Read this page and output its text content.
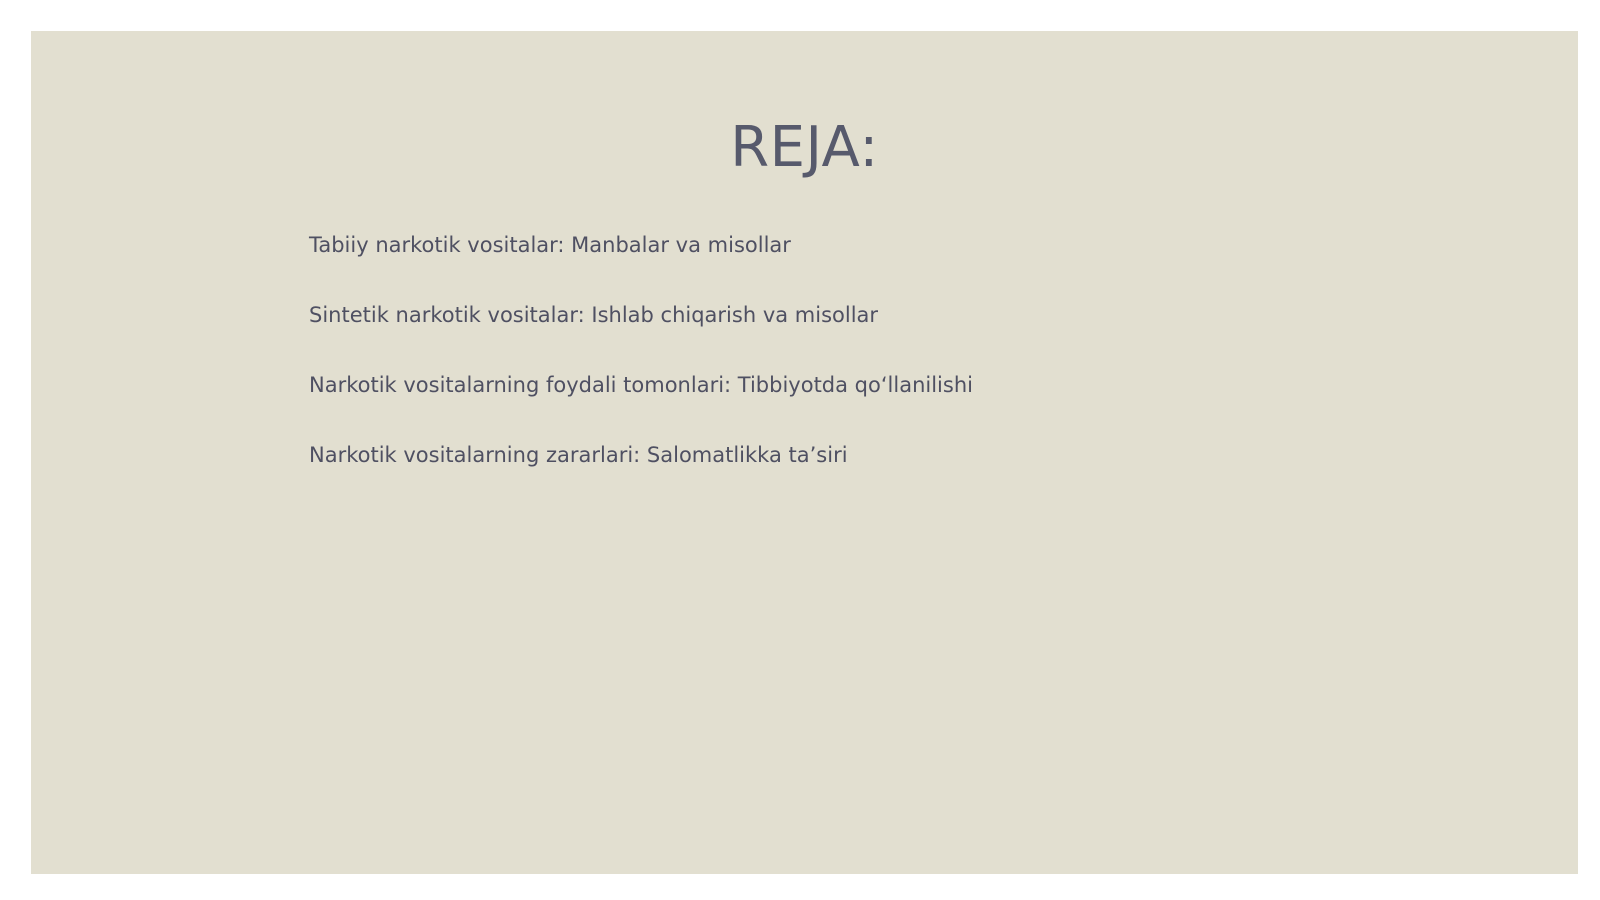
REJA:
Tabiiy narkotik vositalar: Manbalar va misollar
Sintetik narkotik vositalar: Ishlab chiqarish va misollar
Narkotik vositalarning foydali tomonlari: Tibbiyotda qo‘llanilishi
Narkotik vositalarning zararlari: Salomatlikka ta’siri
